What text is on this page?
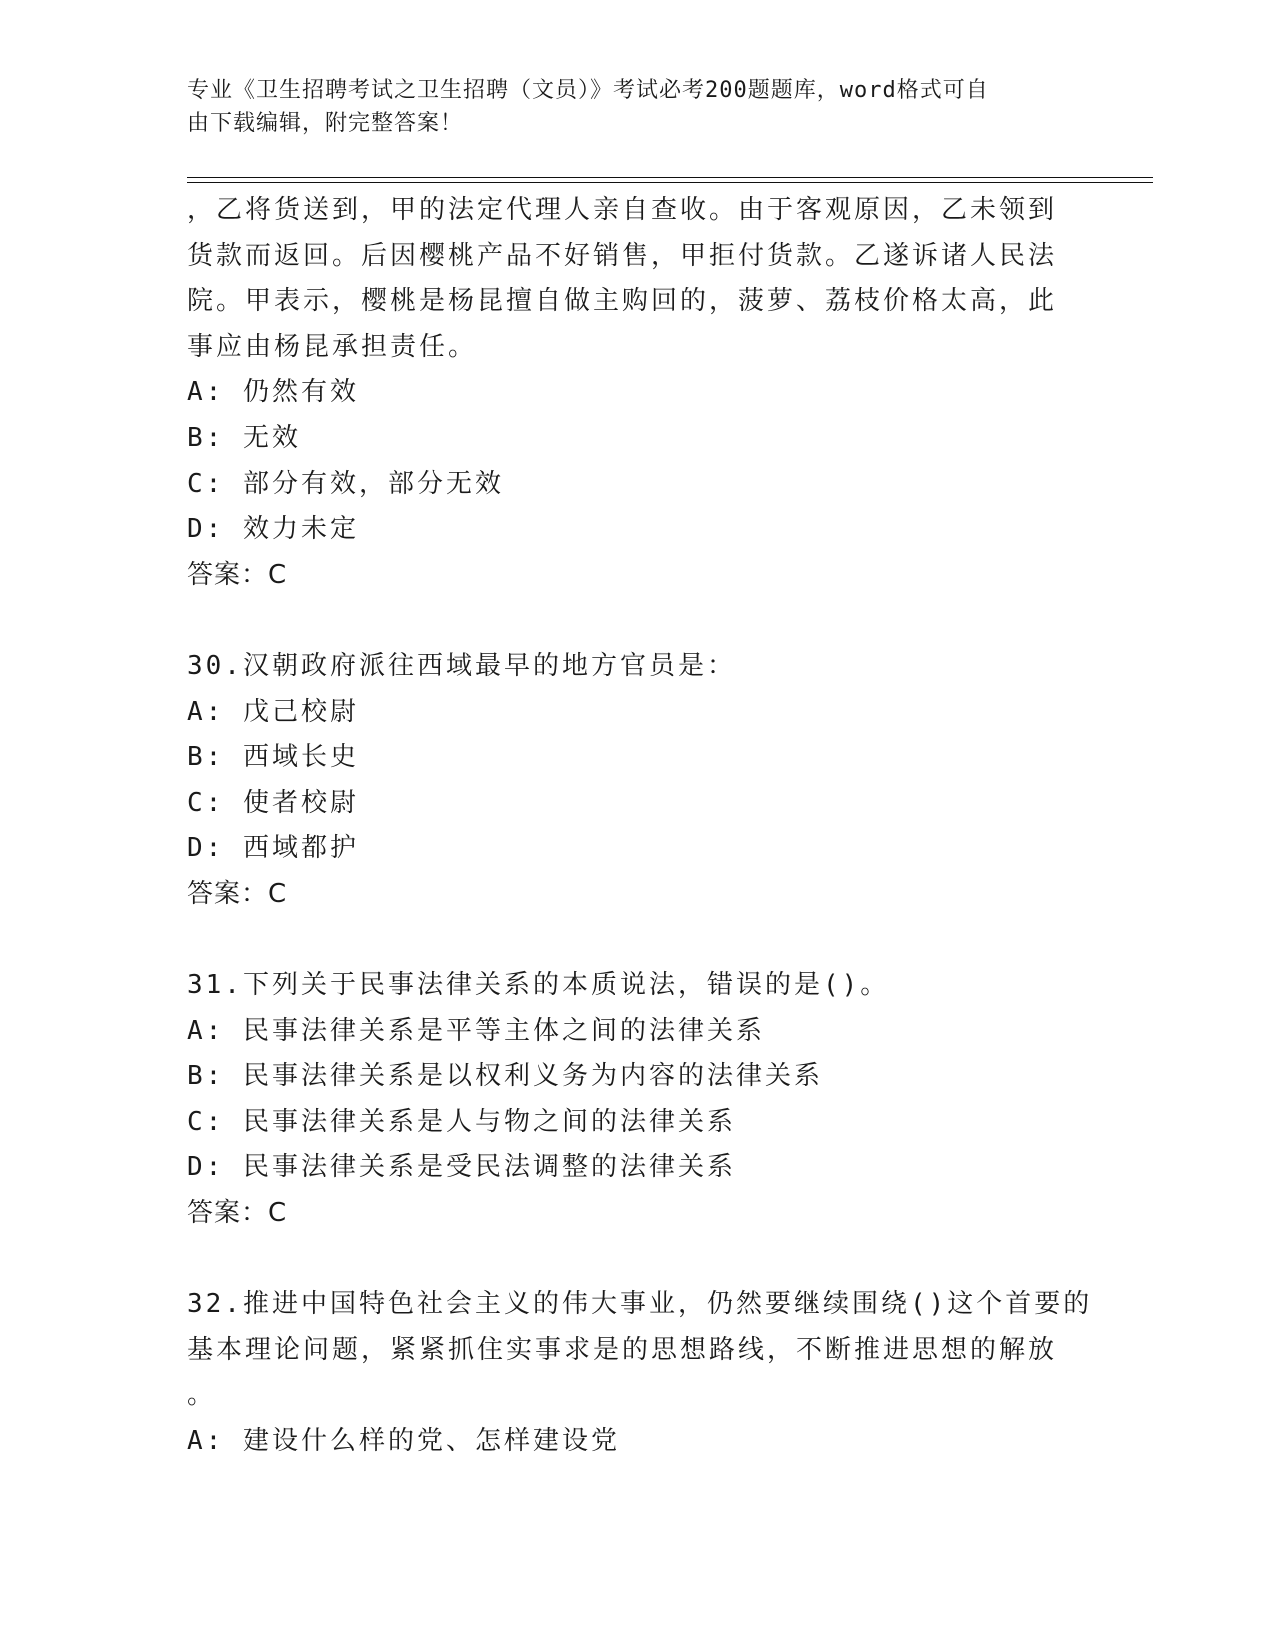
专业《卫生招聘考试之卫生招聘（文员）》考试必考200题题库，word格式可自
由下载编辑，附完整答案！
，乙将货送到，甲的法定代理人亲自查收。由于客观原因，乙未领到
货款而返回。后因樱桃产品不好销售，甲拒付货款。乙遂诉诸人民法
院。甲表示，樱桃是杨昆擅自做主购回的，菠萝、荔枝价格太高，此
事应由杨昆承担责任。
A: 仍然有效
B: 无效
C: 部分有效，部分无效
D: 效力未定
答案：C
30.汉朝政府派往西域最早的地方官员是：
A: 戊己校尉
B: 西域长史
C: 使者校尉
D: 西域都护
答案：C
31.下列关于民事法律关系的本质说法，错误的是()。
A: 民事法律关系是平等主体之间的法律关系
B: 民事法律关系是以权利义务为内容的法律关系
C: 民事法律关系是人与物之间的法律关系
D: 民事法律关系是受民法调整的法律关系
答案：C
32.推进中国特色社会主义的伟大事业，仍然要继续围绕()这个首要的
基本理论问题，紧紧抓住实事求是的思想路线，不断推进思想的解放
。
A: 建设什么样的党、怎样建设党
